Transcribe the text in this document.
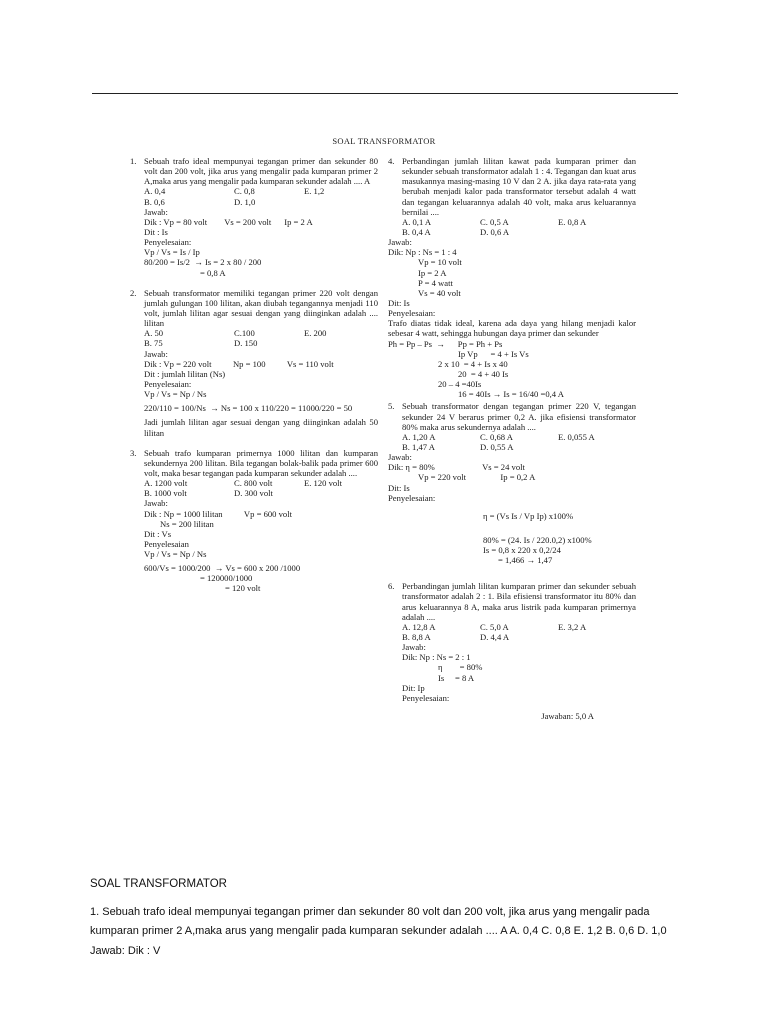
SOAL TRANSFORMATOR
1. Sebuah trafo ideal mempunyai tegangan primer dan sekunder 80 volt dan 200 volt, jika arus yang mengalir pada kumparan primer 2 A,maka arus yang mengalir pada kumparan sekunder adalah .... A
A. 0,4	C. 0,8	E. 1,2
B. 0,6	D. 1,0
Jawab:
Dik : Vp = 80 volt        Vs = 200 volt      Ip = 2 A
Dit : Is
Penyelesaian:
Vp / Vs = Is / Ip
80/200 = Is/2  → Is = 2 x 80 / 200
= 0,8 A
2. Sebuah transformator memiliki tegangan primer 220 volt dengan jumlah gulungan 100 lilitan, akan diubah tegangannya menjadi 110 volt, jumlah lilitan agar sesuai dengan yang diinginkan adalah .... lilitan
A. 50	C.100	E. 200
B. 75	D. 150
Jawab:
Dik : Vp = 220 volt          Np = 100          Vs = 110 volt
Dit : jumlah lilitan (Ns)
Penyelesaian:
Vp / Vs = Np / Ns
220/110 = 100/Ns  → Ns = 100 x 110/220 = 11000/220 = 50
Jadi jumlah lilitan agar sesuai dengan yang diinginkan adalah 50 lilitan
3. Sebuah trafo kumparan primernya 1000 lilitan dan kumparan sekundernya 200 lilitan. Bila tegangan bolak-balik pada primer 600 volt, maka besar tegangan pada kumparan sekunder adalah ....
A. 1200 volt	C. 800 volt	E. 120 volt
B. 1000 volt	D. 300 volt
Jawab:
Dik : Np = 1000 lilitan          Vp = 600 volt
Ns = 200 lilitan
Dit : Vs
Penyelesaian
Vp / Vs = Np / Ns
600/Vs = 1000/200  → Vs = 600 x 200 /1000
= 120000/1000
= 120 volt
4. Perbandingan jumlah lilitan kawat pada kumparan primer dan sekunder sebuah transformator adalah 1 : 4. Tegangan dan kuat arus masukannya masing-masing 10 V dan 2 A. jika daya rata-rata yang berubah menjadi kalor pada transformator tersebut adalah 4 watt dan tegangan keluarannya adalah 40 volt, maka arus keluarannya bernilai ....
A. 0,1 A	C. 0,5 A	E. 0,8 A
B. 0,4 A	D. 0,6 A
Jawab:
Dik: Np : Ns = 1 : 4
Vp = 10 volt
Ip = 2 A
P = 4 watt
Vs = 40 volt
Dit: Is
Penyelesaian:
Trafo diatas tidak ideal, karena ada daya yang hilang menjadi kalor sebesar 4 watt, sehingga hubungan daya primer dan sekunder
Ph = Pp – Ps  →      Pp = Ph + Ps
Ip Vp      = 4 + Is Vs
2 x 10  = 4 + Is x 40
20  = 4 + 40 Is
20 – 4 =40Is
16 = 40Is → Is = 16/40 =0,4 A
5. Sebuah transformator dengan tegangan primer 220 V, tegangan sekunder 24 V berarus primer 0,2 A. jika efisiensi transformator 80% maka arus sekundernya adalah ....
A. 1,20 A	C. 0,68 A	E. 0,055 A
B. 1,47 A	D. 0,55 A
Jawab:
Dik: η = 80%                      Vs = 24 volt
Vp = 220 volt                Ip = 0,2 A
Dit: Is
Penyelesaian:
η = (Vs Is / Vp Ip) x100%
80% = (24. Is / 220.0,2) x100%
Is = 0,8 x 220 x 0,2/24
= 1,466 → 1,47
6. Perbandingan jumlah lilitan kumparan primer dan sekunder sebuah transformator adalah 2 : 1. Bila efisiensi transformator itu 80% dan arus keluarannya 8 A, maka arus listrik pada kumparan primernya adalah ....
A. 12,8 A	C. 5,0 A	E. 3,2 A
B. 8,8 A	D. 4,4 A
Jawab:
Dik: Np : Ns = 2 : 1
η        = 80%
Is     = 8 A
Dit: Ip
Penyelesaian:
Jawaban: 5,0 A
SOAL TRANSFORMATOR
1. Sebuah trafo ideal mempunyai tegangan primer dan sekunder 80 volt dan 200 volt, jika arus yang mengalir pada kumparan primer 2 A,maka arus yang mengalir pada kumparan sekunder adalah .... A A. 0,4 C. 0,8 E. 1,2 B. 0,6 D. 1,0 Jawab: Dik : V
